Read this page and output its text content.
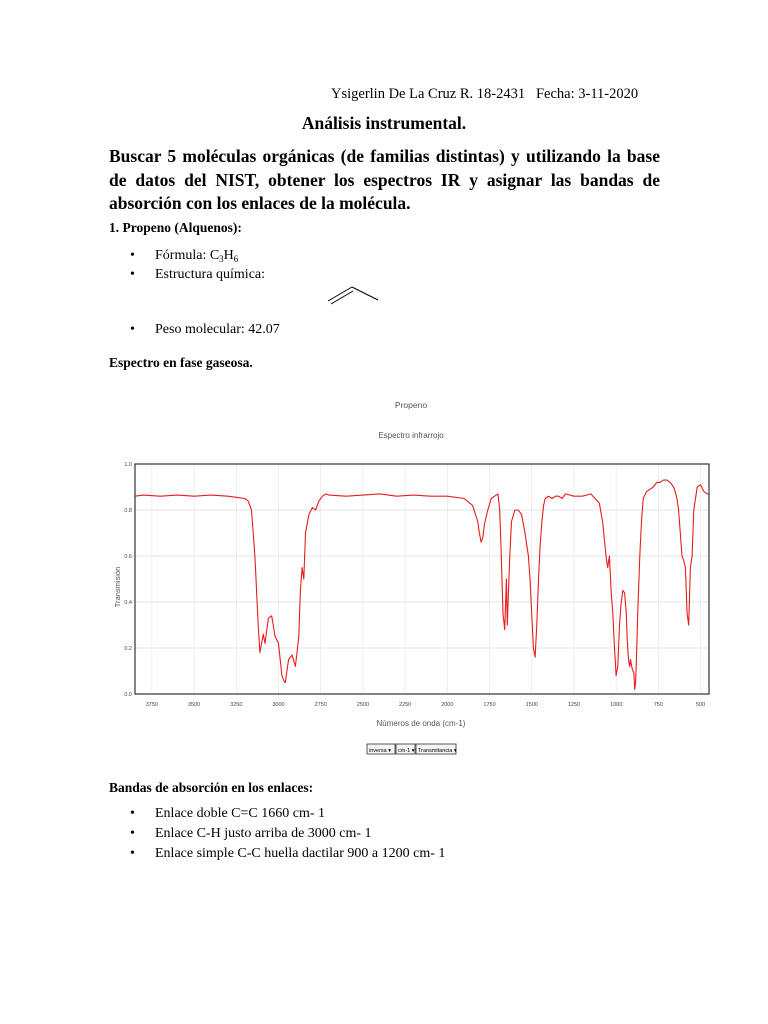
Ysigerlin De La Cruz R. 18-2431   Fecha: 3-11-2020
Análisis instrumental.
Buscar 5 moléculas orgánicas (de familias distintas) y utilizando la base de datos del NIST, obtener los espectros IR y asignar las bandas de absorción con los enlaces de la molécula.
1. Propeno (Alquenos):
• Fórmula: $C_3H_6$
• Estructura química:
• Peso molecular: 42.07
Espectro en fase gaseosa.
Propeno
Espectro infrarrojo
0.0
0.2
0.4
0.6
0.8
1.0
3750	3500	3250	3000	2750	2500	2250	2000	1750	1500	1250	1000	750	500
Transmisión
Números de onda (cm-1)
inversa ▾ cm-1 ▾ Transmitancia ▾
Bandas de absorción en los enlaces:
• Enlace doble C=C 1660 cm- 1
• Enlace C-H justo arriba de 3000 cm- 1
• Enlace simple C-C huella dactilar 900 a 1200 cm- 1
